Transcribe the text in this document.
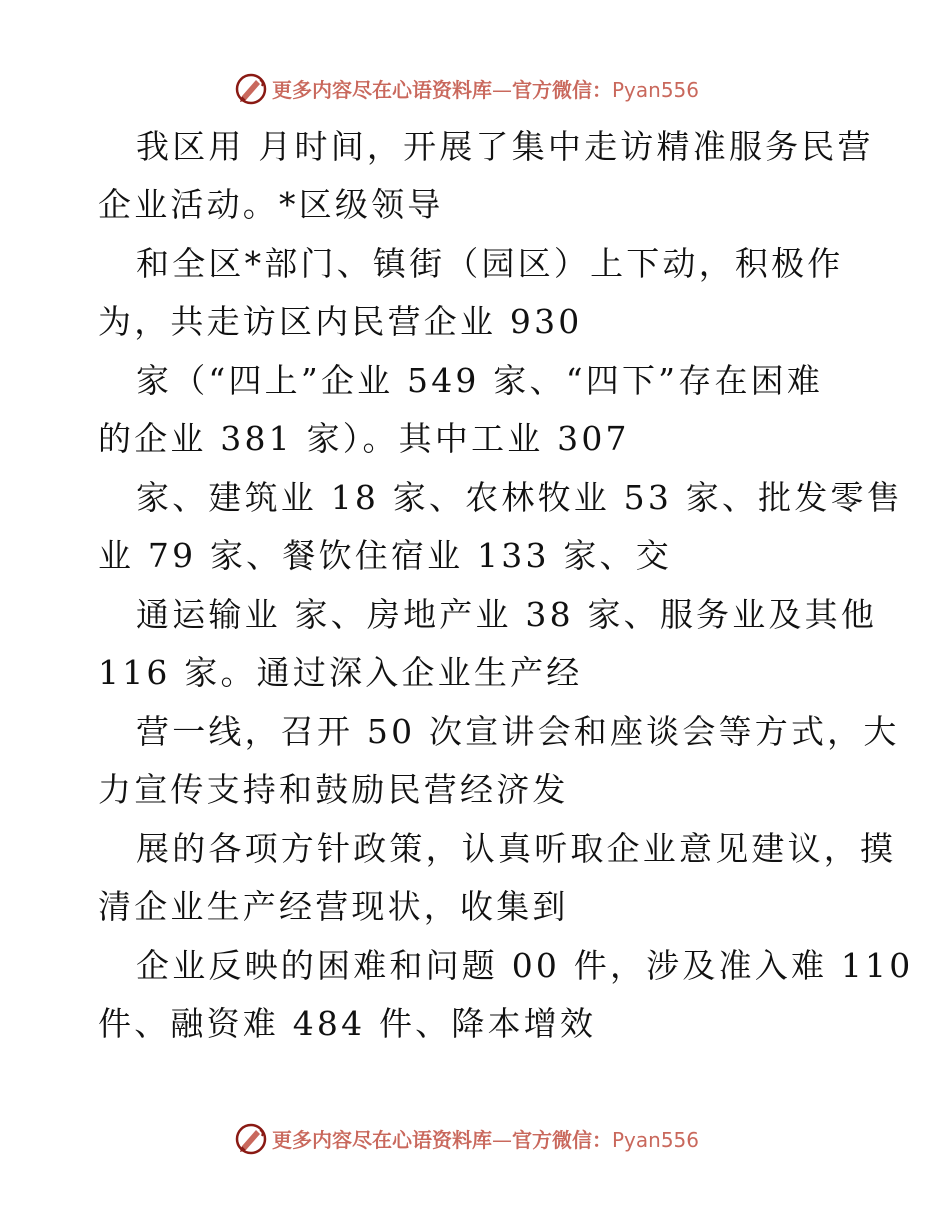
更多内容尽在心语资料库—官方微信：Pyan556
我区用 月时间，开展了集中走访精准服务民营
企业活动。*区级领导
和全区*部门、镇街（园区）上下动，积极作
为，共走访区内民营企业 930
家（“四上”企业 549 家、“四下”存在困难
的企业 381 家）。其中工业 307
家、建筑业 18 家、农林牧业 53 家、批发零售
业 79 家、餐饮住宿业 133 家、交
通运输业 家、房地产业 38 家、服务业及其他
116 家。通过深入企业生产经
营一线，召开 50 次宣讲会和座谈会等方式，大
力宣传支持和鼓励民营经济发
展的各项方针政策，认真听取企业意见建议，摸
清企业生产经营现状，收集到
企业反映的困难和问题 00 件，涉及准入难 110
件、融资难 484 件、降本增效
更多内容尽在心语资料库—官方微信：Pyan556
